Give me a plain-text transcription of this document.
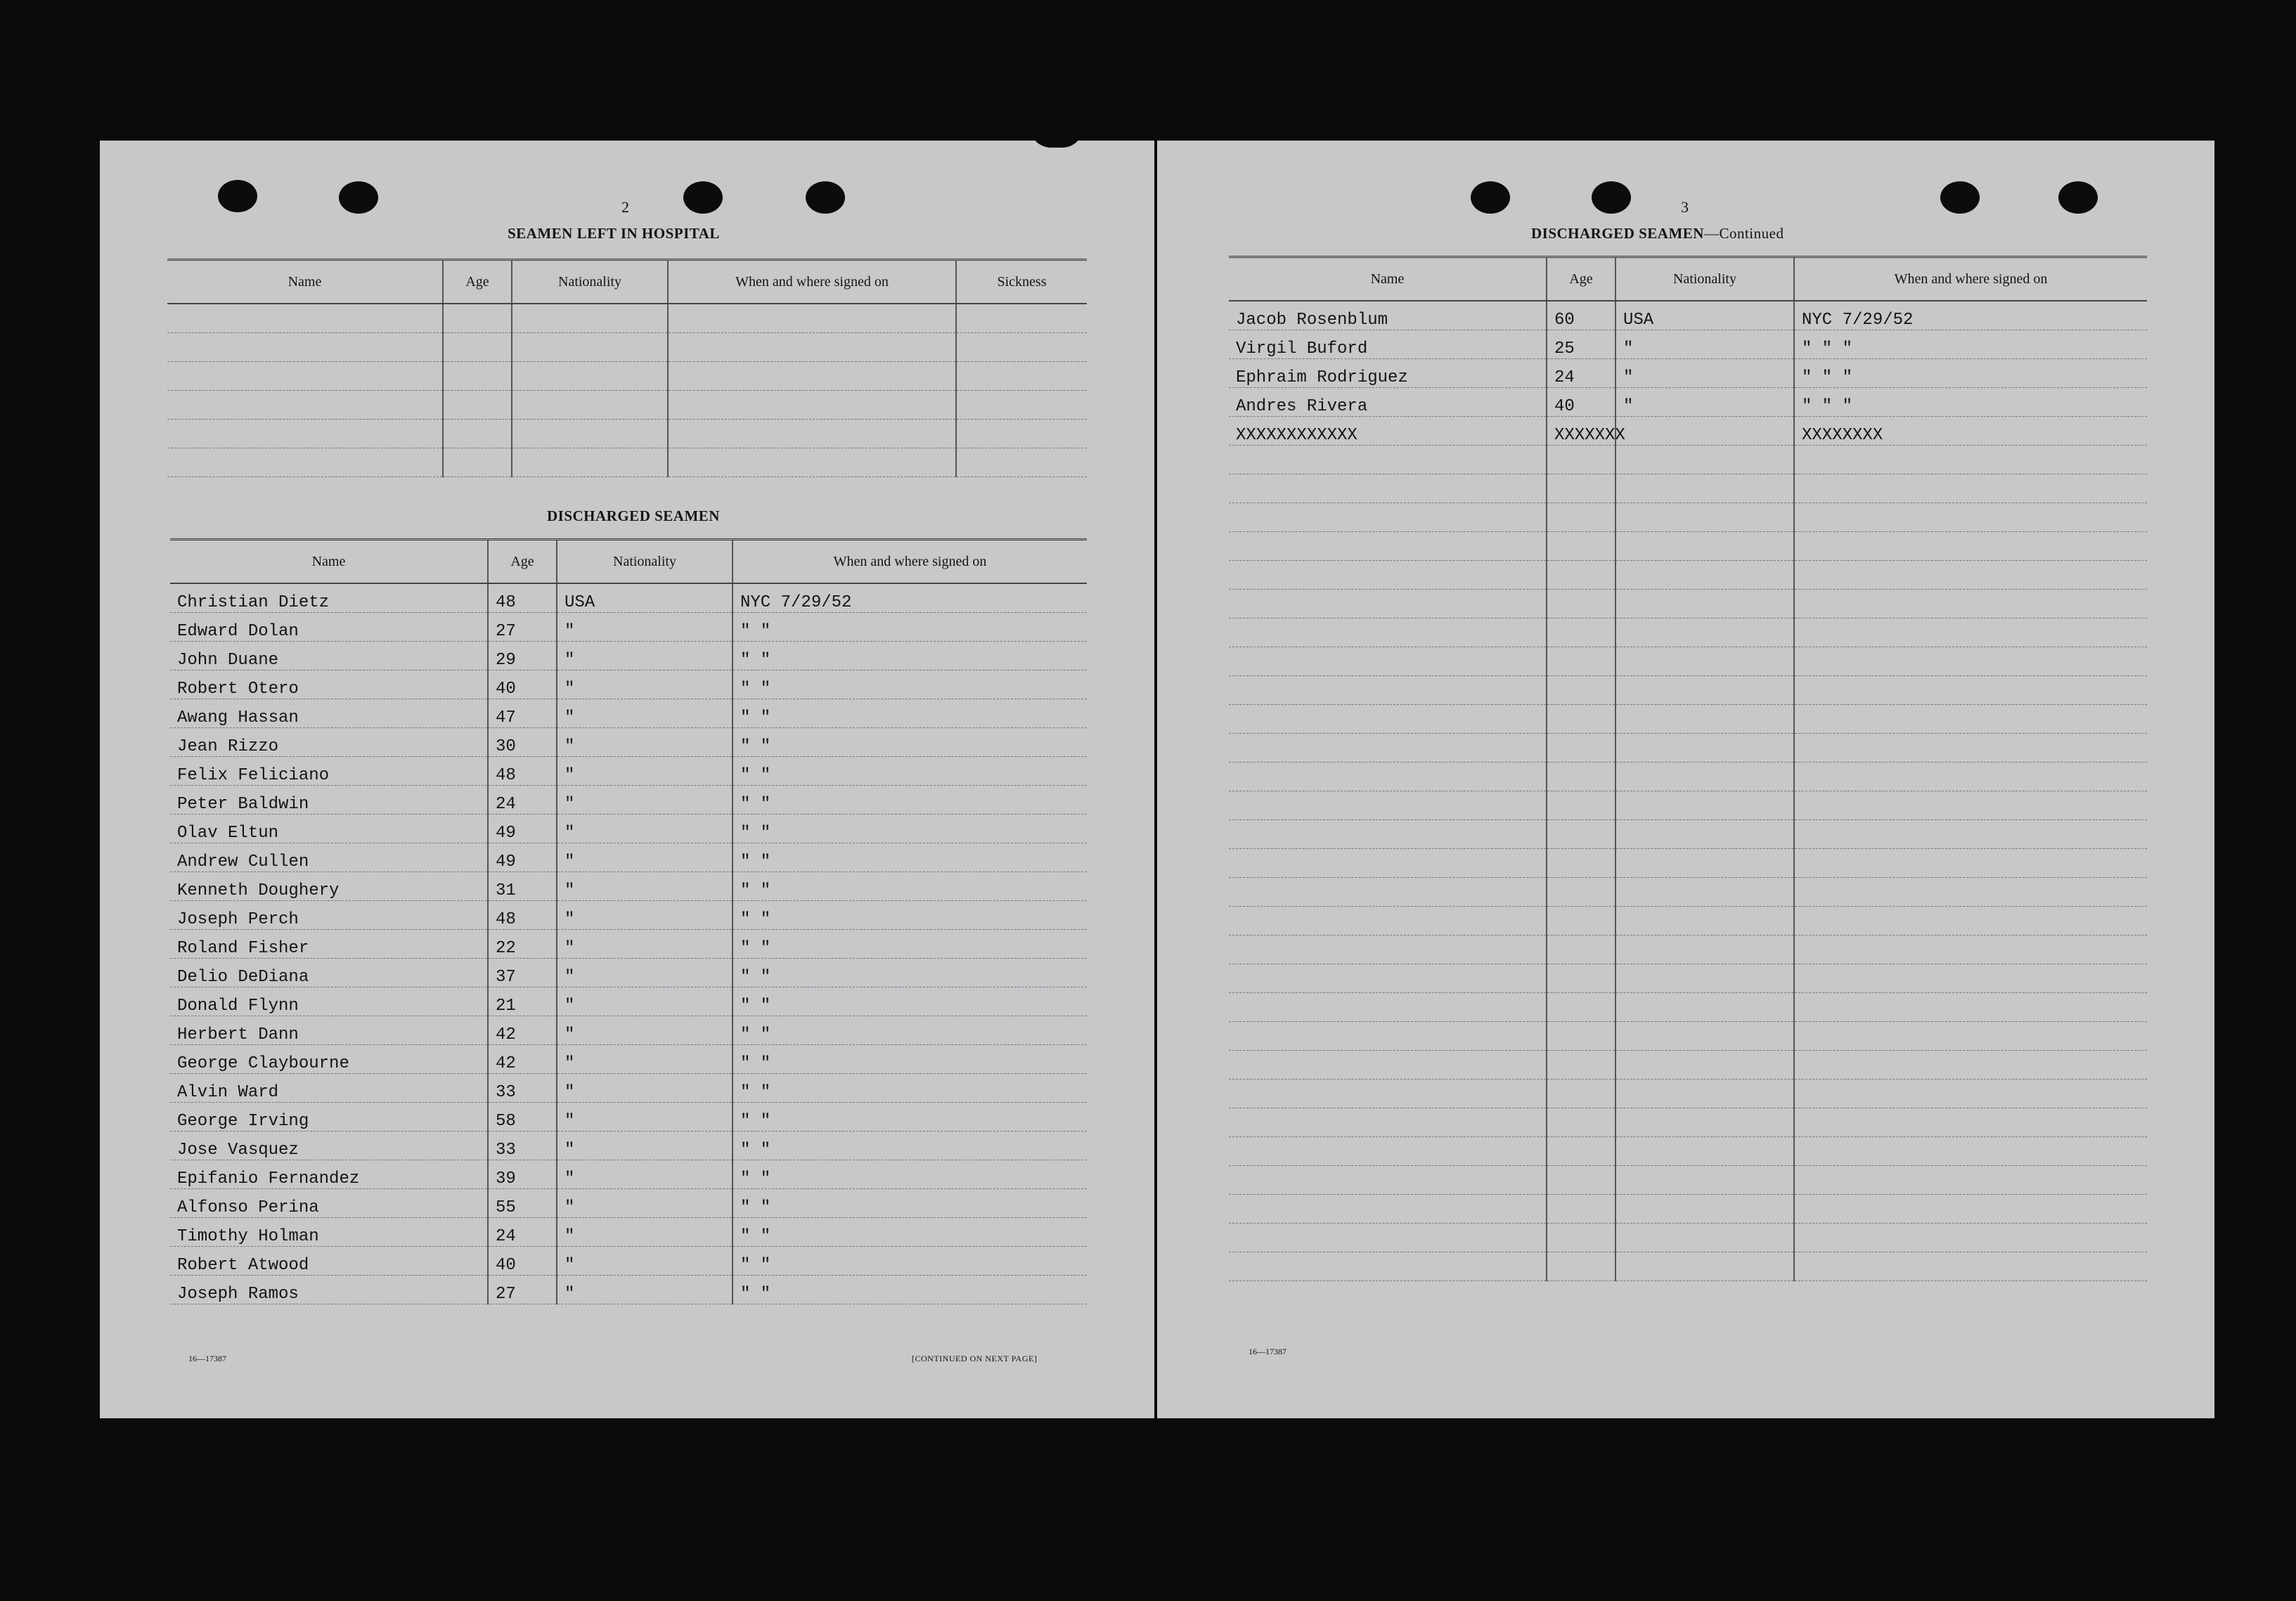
2
SEAMEN LEFT IN HOSPITAL
Name	Age	Nationality	When and where signed on	Sickness

DISCHARGED SEAMEN
Name	Age	Nationality	When and where signed on
Christian Dietz	48	USA	NYC 7/29/52
Edward Dolan	27	"	" "
John Duane	29	"	" "
Robert Otero	40	"	" "
Awang Hassan	47	"	" "
Jean Rizzo	30	"	" "
Felix Feliciano	48	"	" "
Peter Baldwin	24	"	" "
Olav Eltun	49	"	" "
Andrew Cullen	49	"	" "
Kenneth Doughery	31	"	" "
Joseph Perch	48	"	" "
Roland Fisher	22	"	" "
Delio DeDiana	37	"	" "
Donald Flynn	21	"	" "
Herbert Dann	42	"	" "
George Claybourne	42	"	" "
Alvin Ward	33	"	" "
George Irving	58	"	" "
Jose Vasquez	33	"	" "
Epifanio Fernandez	39	"	" "
Alfonso Perina	55	"	" "
Timothy Holman	24	"	" "
Robert Atwood	40	"	" "
Joseph Ramos	27	"	" "
16—17387	[CONTINUED ON NEXT PAGE]
3
DISCHARGED SEAMEN—Continued
Name	Age	Nationality	When and where signed on
Jacob Rosenblum	60	USA	NYC 7/29/52
Virgil Buford	25	"	" " "
Ephraim Rodriguez	24	"	" " "
Andres Rivera	40	"	" " "
XXXXXXXXXXXX	XXXXXXX		XXXXXXXX

16—17387
